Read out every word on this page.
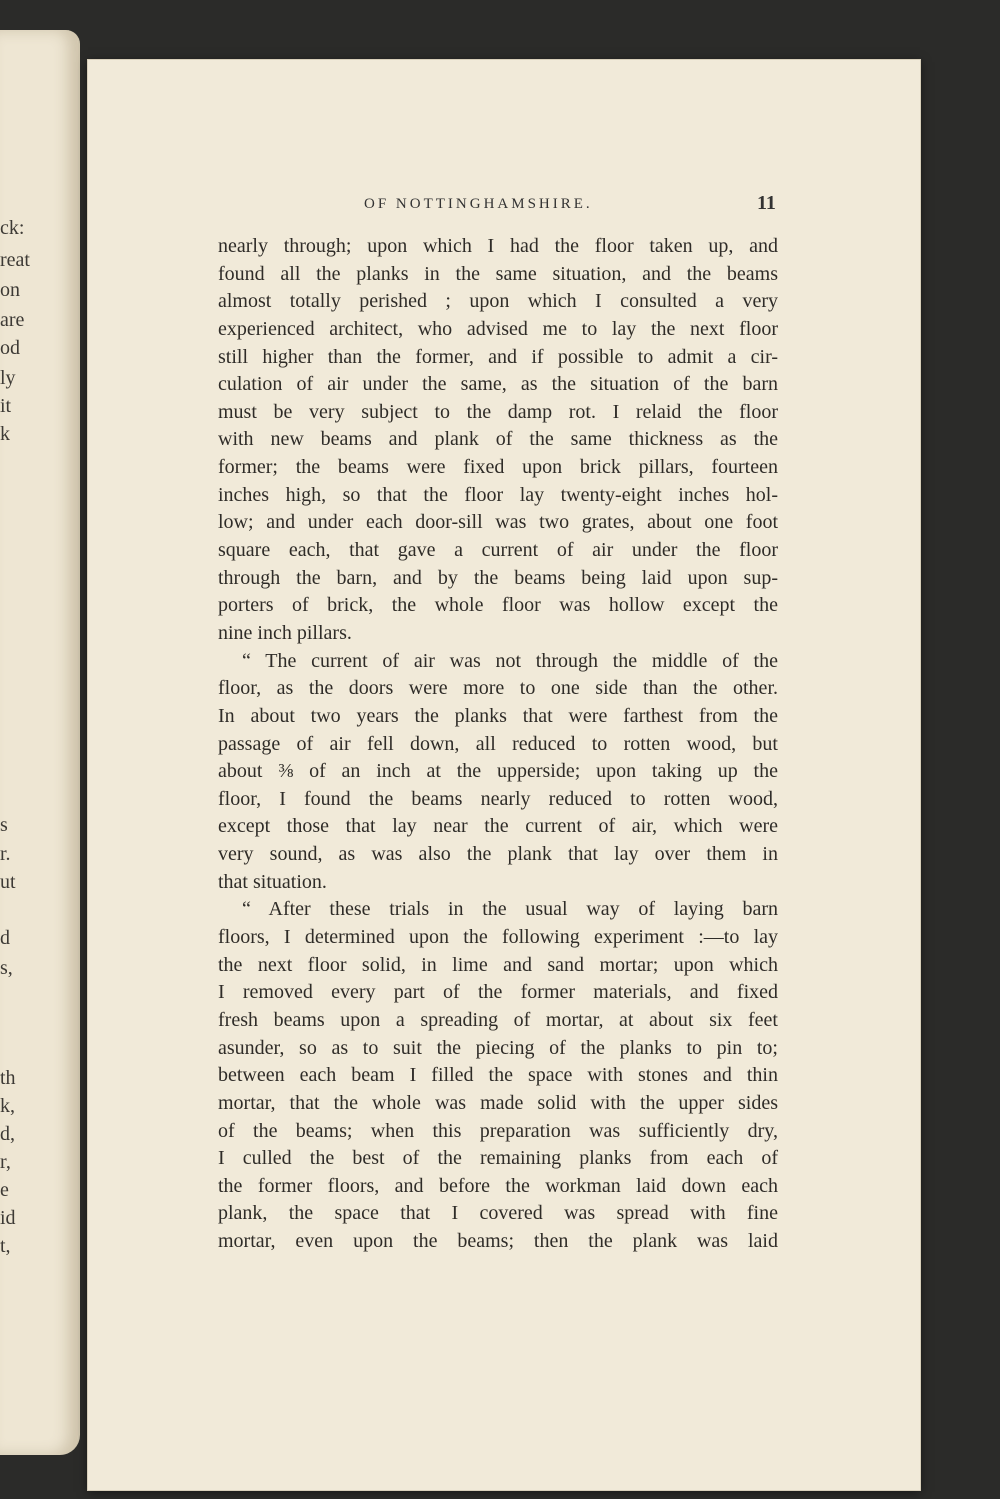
ck:
reat
on
are
od
ly
it
k
s
r.
ut
d
s,
th
k,
d,
r,
e
id
t,
OF NOTTINGHAMSHIRE.	11
nearly through; upon which I had the floor taken up, and
found all the planks in the same situation, and the beams
almost totally perished ; upon which I consulted a very
experienced architect, who advised me to lay the next floor
still higher than the former, and if possible to admit a cir-
culation of air under the same, as the situation of the barn
must be very subject to the damp rot. I relaid the floor
with new beams and plank of the same thickness as the
former; the beams were fixed upon brick pillars, fourteen
inches high, so that the floor lay twenty-eight inches hol-
low; and under each door-sill was two grates, about one foot
square each, that gave a current of air under the floor
through the barn, and by the beams being laid upon sup-
porters of brick, the whole floor was hollow except the
nine inch pillars.
“ The current of air was not through the middle of the
floor, as the doors were more to one side than the other.
In about two years the planks that were farthest from the
passage of air fell down, all reduced to rotten wood, but
about ⅜ of an inch at the upperside; upon taking up the
floor, I found the beams nearly reduced to rotten wood,
except those that lay near the current of air, which were
very sound, as was also the plank that lay over them in
that situation.
“ After these trials in the usual way of laying barn
floors, I determined upon the following experiment :—to lay
the next floor solid, in lime and sand mortar; upon which
I removed every part of the former materials, and fixed
fresh beams upon a spreading of mortar, at about six feet
asunder, so as to suit the piecing of the planks to pin to;
between each beam I filled the space with stones and thin
mortar, that the whole was made solid with the upper sides
of the beams; when this preparation was sufficiently dry,
I culled the best of the remaining planks from each of
the former floors, and before the workman laid down each
plank, the space that I covered was spread with fine
mortar, even upon the beams; then the plank was laid
